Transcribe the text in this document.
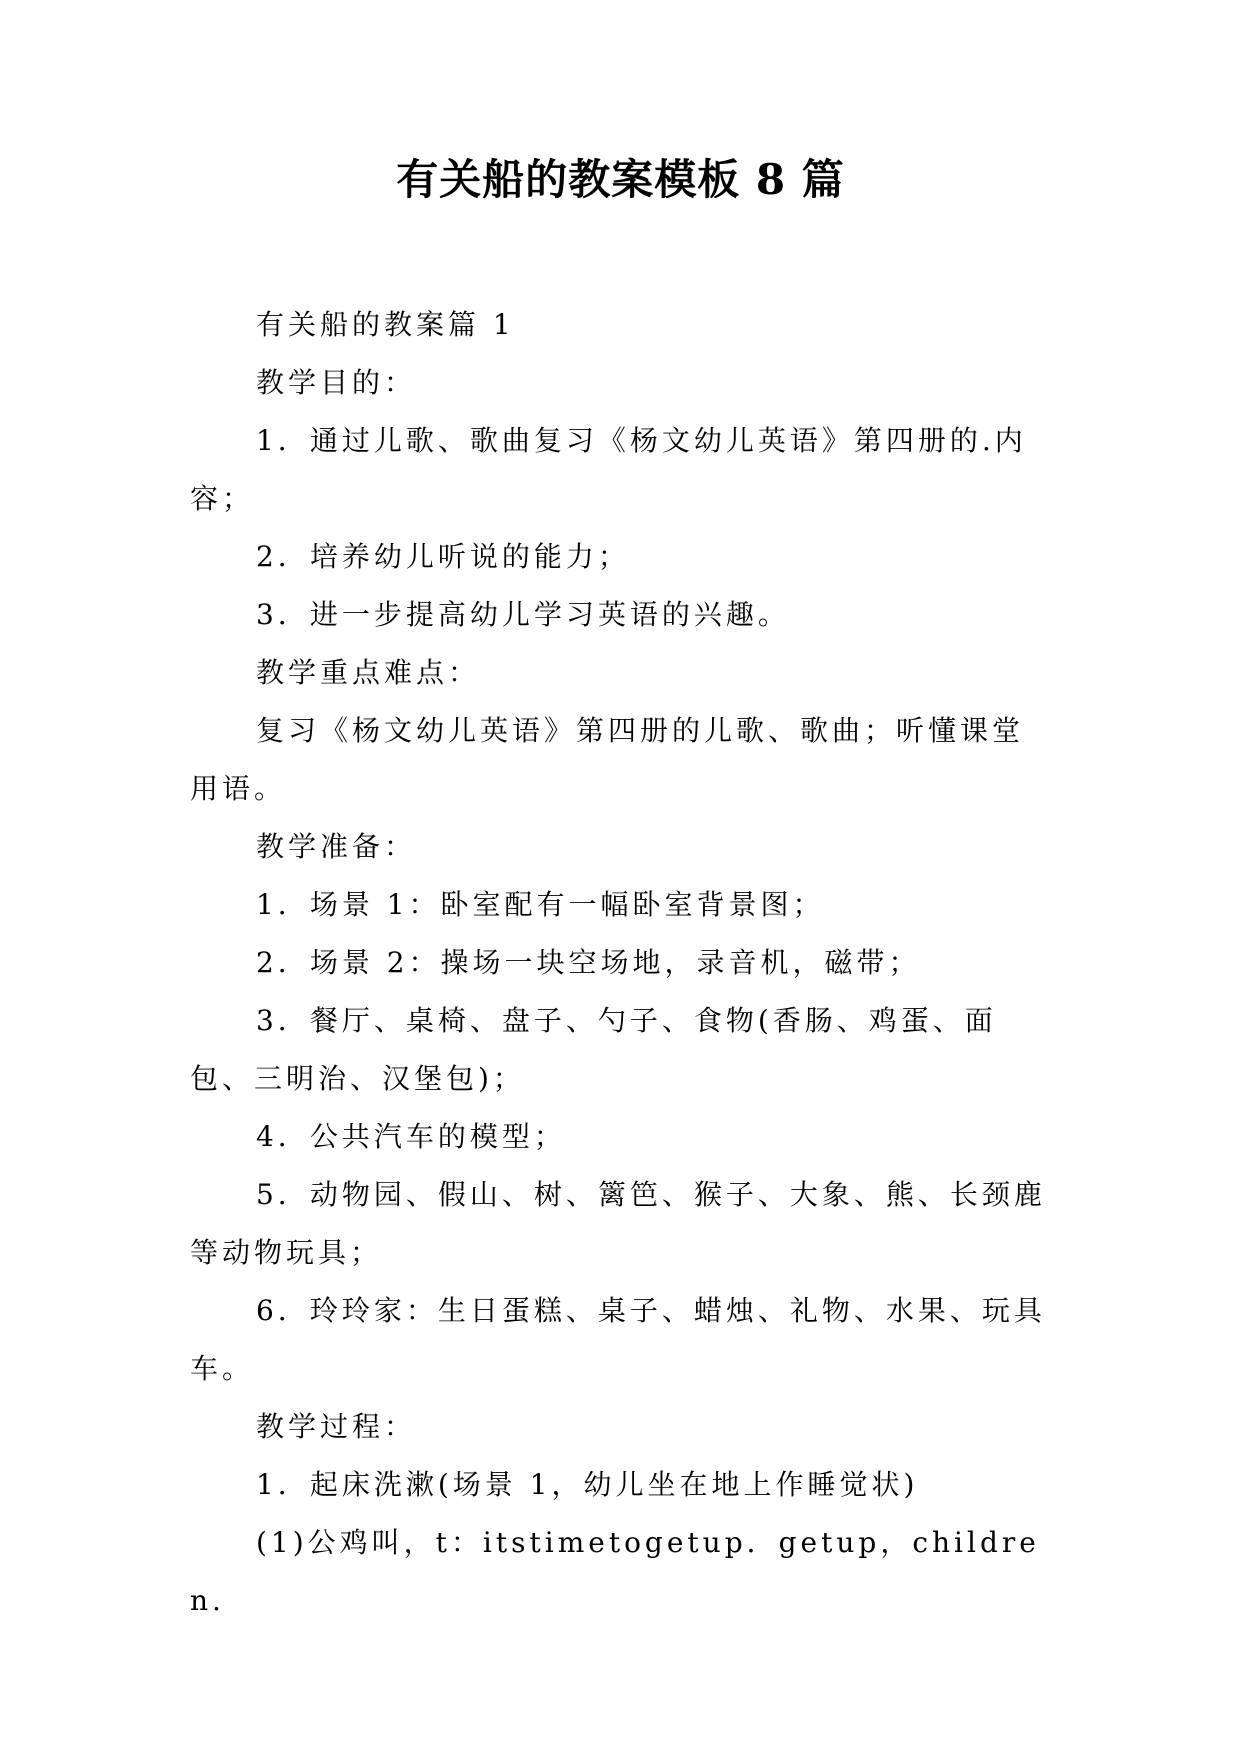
有关船的教案模板 8 篇

有关船的教案篇 1

教学目的：

1．通过儿歌、歌曲复习《杨文幼儿英语》第四册的.内容；

2．培养幼儿听说的能力；

3．进一步提高幼儿学习英语的兴趣。

教学重点难点：

复习《杨文幼儿英语》第四册的儿歌、歌曲；听懂课堂用语。

教学准备：

1．场景 1：卧室配有一幅卧室背景图；

2．场景 2：操场一块空场地，录音机，磁带；

3．餐厅、桌椅、盘子、勺子、食物(香肠、鸡蛋、面包、三明治、汉堡包)；

4．公共汽车的模型；

5．动物园、假山、树、篱笆、猴子、大象、熊、长颈鹿等动物玩具；

6．玲玲家：生日蛋糕、桌子、蜡烛、礼物、水果、玩具车。

教学过程：

1．起床洗漱(场景 1，幼儿坐在地上作睡觉状)

(1)公鸡叫，t：itstimetogetup．getup，children.
